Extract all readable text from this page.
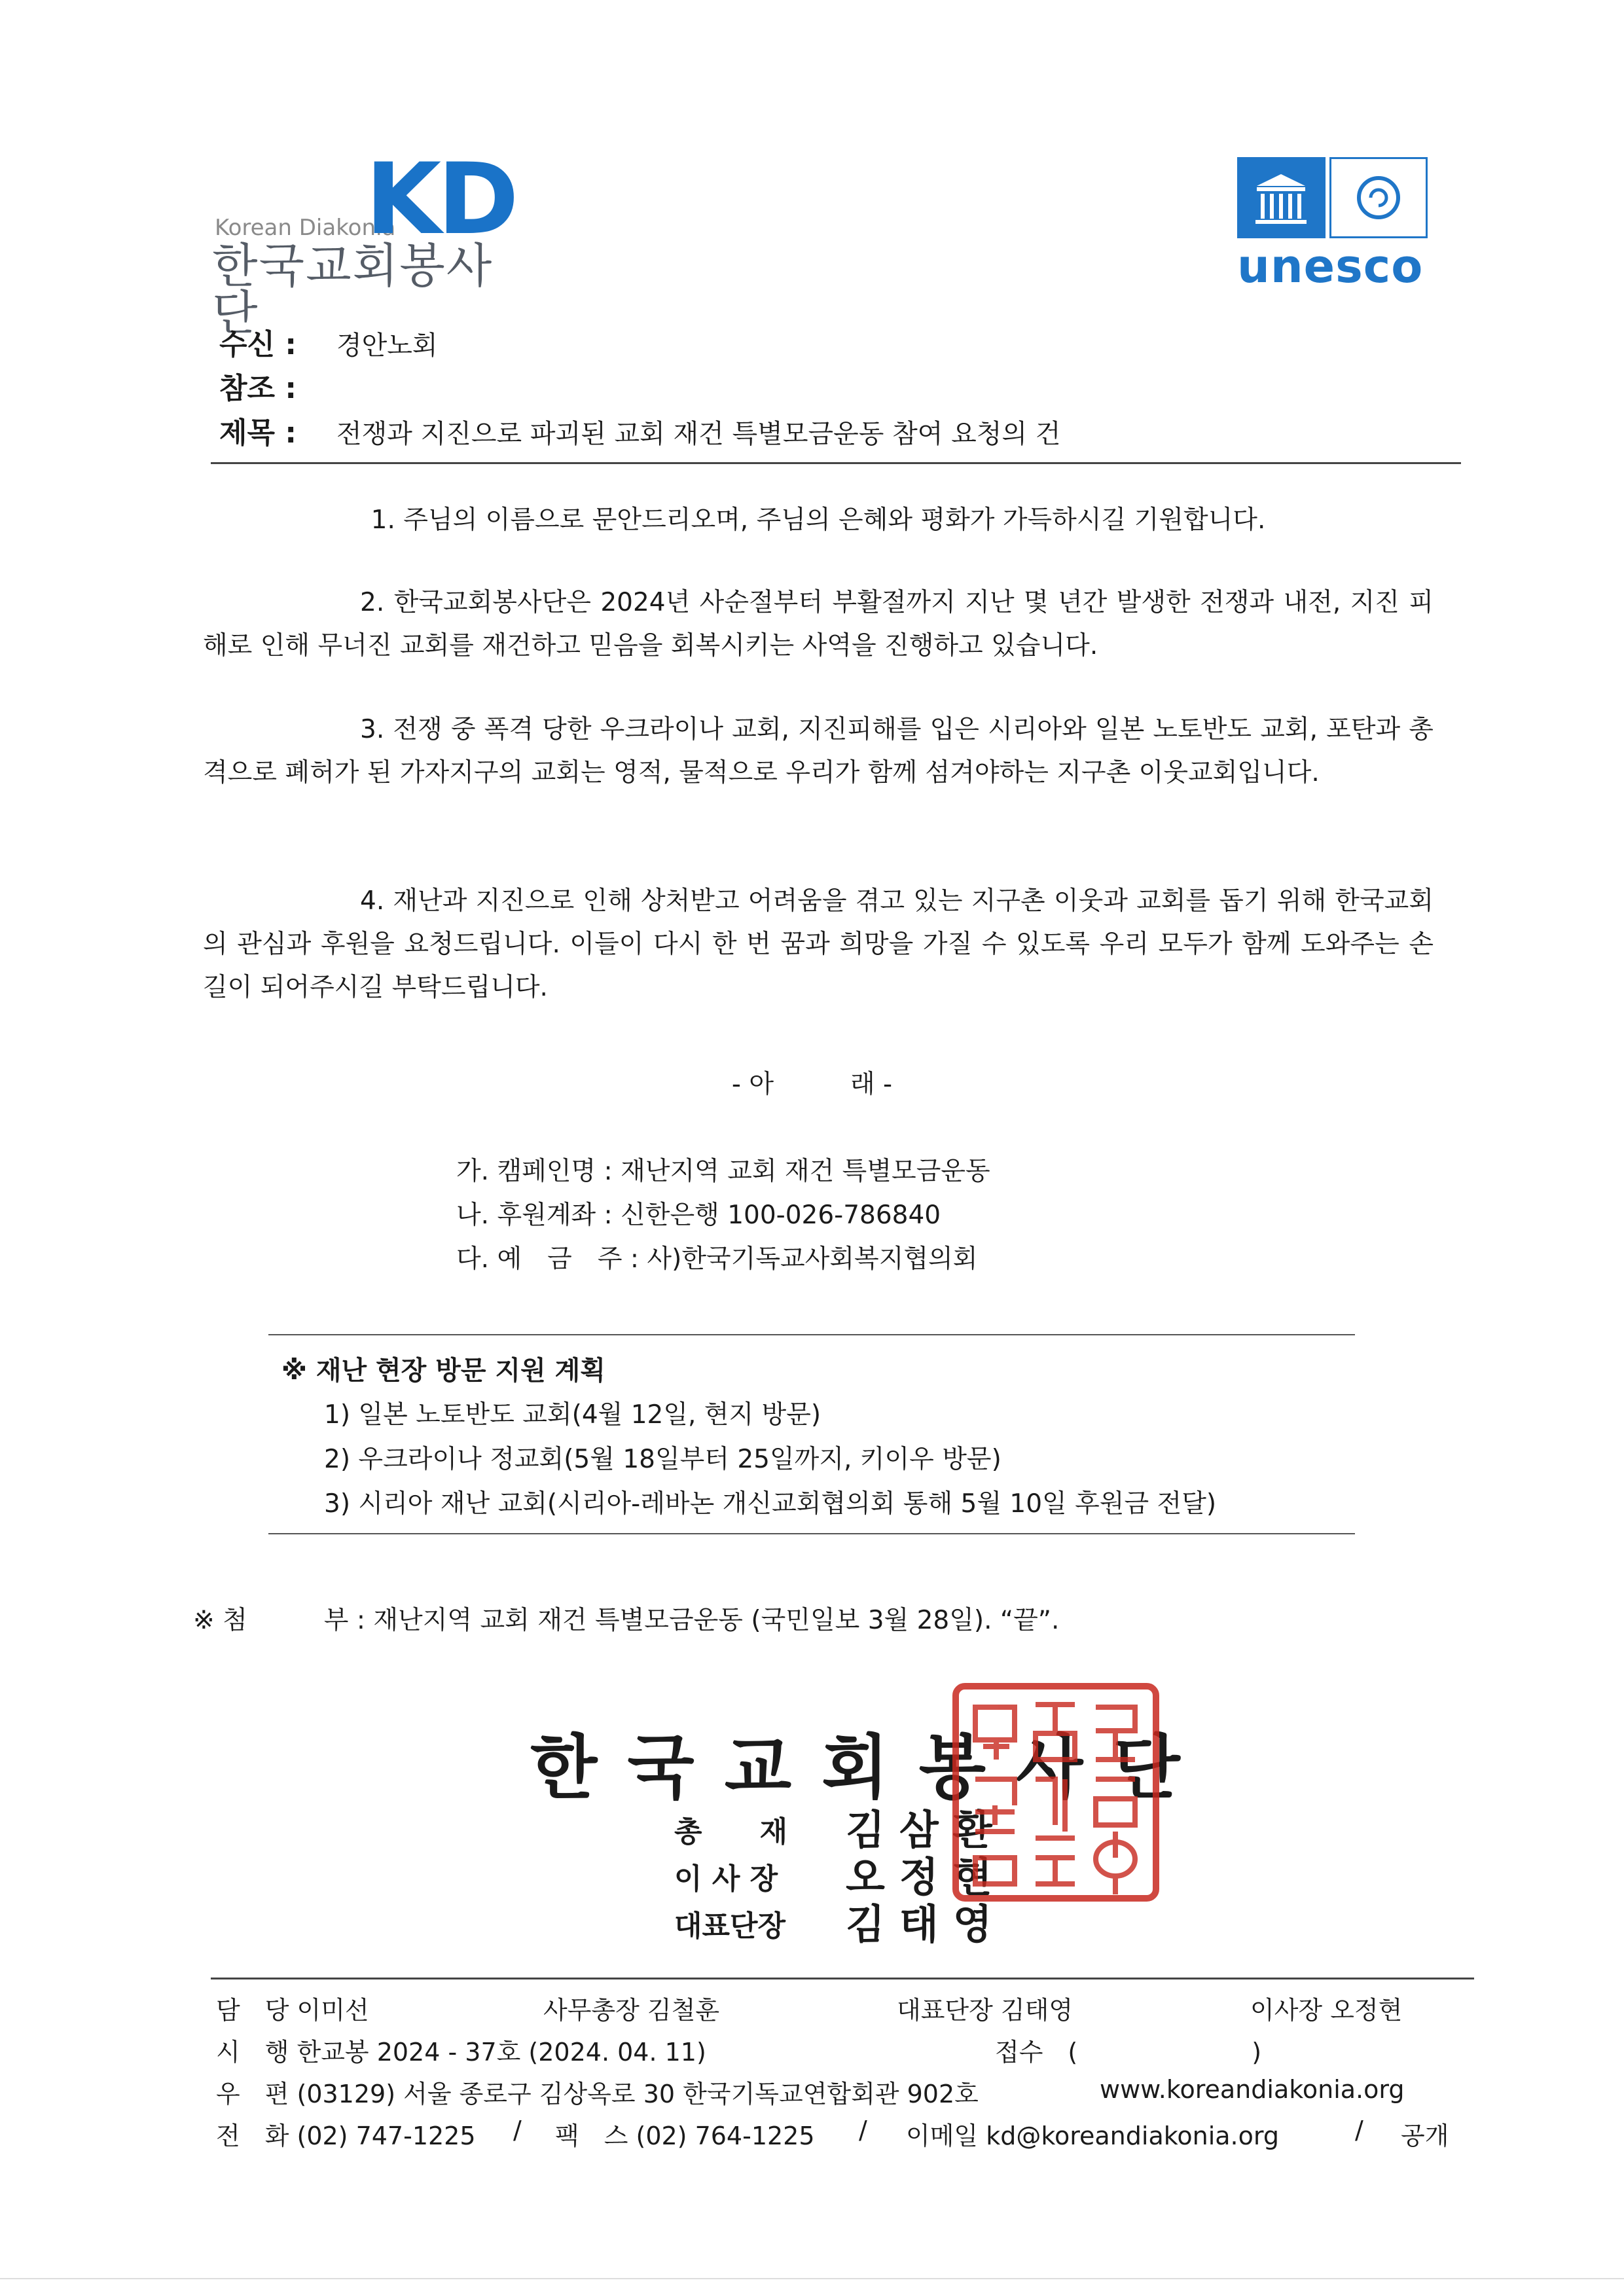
Korean Diakonia
KD
한국교회봉사단
unesco
수신 : 경안노회
참조 :
제목 : 전쟁과 지진으로 파괴된 교회 재건 특별모금운동 참여 요청의 건
1. 주님의 이름으로 문안드리오며, 주님의 은혜와 평화가 가득하시길 기원합니다.
2. 한국교회봉사단은 2024년 사순절부터 부활절까지 지난 몇 년간 발생한 전쟁과 내전, 지진 피해로 인해 무너진 교회를 재건하고 믿음을 회복시키는 사역을 진행하고 있습니다.
3. 전쟁 중 폭격 당한 우크라이나 교회, 지진피해를 입은 시리아와 일본 노토반도 교회, 포탄과 총격으로 폐허가 된 가자지구의 교회는 영적, 물적으로 우리가 함께 섬겨야하는 지구촌 이웃교회입니다.
4. 재난과 지진으로 인해 상처받고 어려움을 겪고 있는 지구촌 이웃과 교회를 돕기 위해 한국교회의 관심과 후원을 요청드립니다. 이들이 다시 한 번 꿈과 희망을 가질 수 있도록 우리 모두가 함께 도와주는 손길이 되어주시길 부탁드립니다.
- 아　　　래 -
가. 캠페인명 : 재난지역 교회 재건 특별모금운동
나. 후원계좌 : 신한은행 100-026-786840
다. 예　금　주 : 사)한국기독교사회복지협의회
※ 재난 현장 방문 지원 계획
1) 일본 노토반도 교회(4월 12일, 현지 방문)
2) 우크라이나 정교회(5월 18일부터 25일까지, 키이우 방문)
3) 시리아 재난 교회(시리아-레바논 개신교회협의회 통해 5월 10일 후원금 전달)
※ 첨　　　부 : 재난지역 교회 재건 특별모금운동 (국민일보 3월 28일). “끝”.
한국교회봉사단
총　　재 김삼환
이 사 장 오정현
대표단장 김태영
담　당 이미선	사무총장 김철훈	대표단장 김태영	이사장 오정현
시　행 한교봉 2024 - 37호 (2024. 04. 11)	접수　(　　　　　　　)
우　편 (03129) 서울 종로구 김상옥로 30 한국기독교연합회관 902호	www.koreandiakonia.org
전　화 (02) 747-1225 / 팩　스 (02) 764-1225 / 이메일 kd@koreandiakonia.org	/ 공개
